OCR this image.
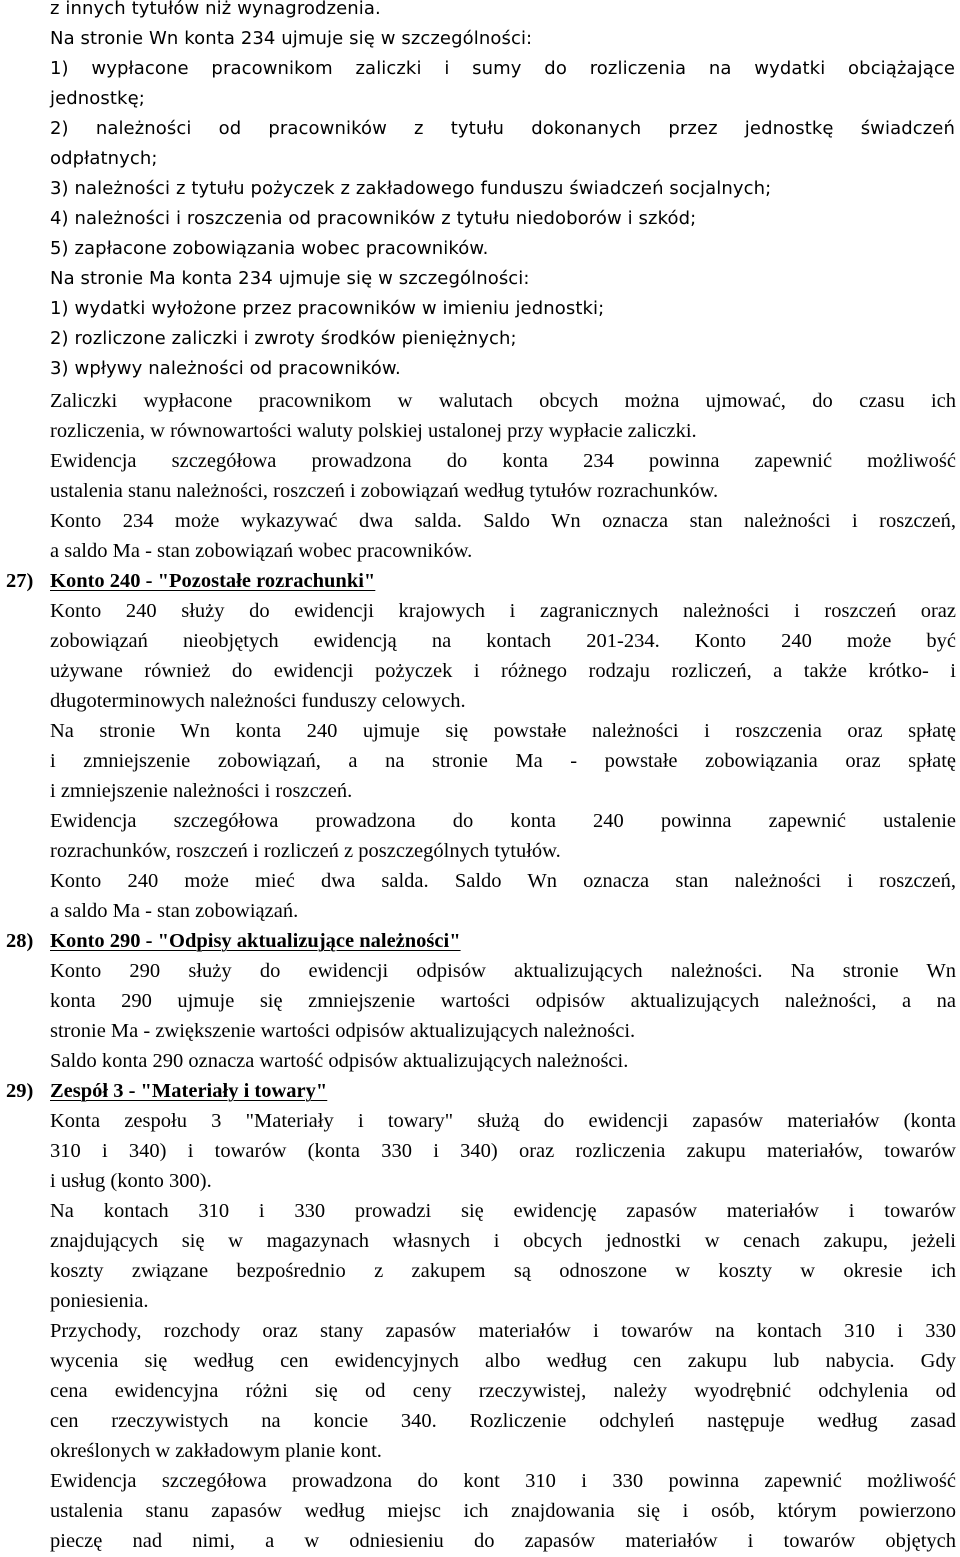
z innych tytułów niż wynagrodzenia.
Na stronie Wn konta 234 ujmuje się w szczególności:
1) wypłacone pracownikom zaliczki i sumy do rozliczenia na wydatki obciążające
jednostkę;
2) należności od pracowników z tytułu dokonanych przez jednostkę świadczeń
odpłatnych;
3) należności z tytułu pożyczek z zakładowego funduszu świadczeń socjalnych;
4) należności i roszczenia od pracowników z tytułu niedoborów i szkód;
5) zapłacone zobowiązania wobec pracowników.
Na stronie Ma konta 234 ujmuje się w szczególności:
1) wydatki wyłożone przez pracowników w imieniu jednostki;
2) rozliczone zaliczki i zwroty środków pieniężnych;
3) wpływy należności od pracowników.
Zaliczki wypłacone pracownikom w walutach obcych można ujmować, do czasu ich
rozliczenia, w równowartości waluty polskiej ustalonej przy wypłacie zaliczki.
Ewidencja szczegółowa prowadzona do konta 234 powinna zapewnić możliwość
ustalenia stanu należności, roszczeń i zobowiązań według tytułów rozrachunków.
Konto 234 może wykazywać dwa salda. Saldo Wn oznacza stan należności i roszczeń,
a saldo Ma - stan zobowiązań wobec pracowników.
27) Konto 240 - "Pozostałe rozrachunki"
Konto 240 służy do ewidencji krajowych i zagranicznych należności i roszczeń oraz
zobowiązań nieobjętych ewidencją na kontach 201-234. Konto 240 może być
używane również do ewidencji pożyczek i różnego rodzaju rozliczeń, a także krótko- i
długoterminowych należności funduszy celowych.
Na stronie Wn konta 240 ujmuje się powstałe należności i roszczenia oraz spłatę
i zmniejszenie zobowiązań, a na stronie Ma - powstałe zobowiązania oraz spłatę
i zmniejszenie należności i roszczeń.
Ewidencja szczegółowa prowadzona do konta 240 powinna zapewnić ustalenie
rozrachunków, roszczeń i rozliczeń z poszczególnych tytułów.
Konto 240 może mieć dwa salda. Saldo Wn oznacza stan należności i roszczeń,
a saldo Ma - stan zobowiązań.
28) Konto 290 - "Odpisy aktualizujące należności"
Konto 290 służy do ewidencji odpisów aktualizujących należności. Na stronie Wn
konta 290 ujmuje się zmniejszenie wartości odpisów aktualizujących należności, a na
stronie Ma - zwiększenie wartości odpisów aktualizujących należności.
Saldo konta 290 oznacza wartość odpisów aktualizujących należności.
29) Zespół 3 - "Materiały i towary"
Konta zespołu 3 "Materiały i towary" służą do ewidencji zapasów materiałów (konta
310 i 340) i towarów (konta 330 i 340) oraz rozliczenia zakupu materiałów, towarów
i usług (konto 300).
Na kontach 310 i 330 prowadzi się ewidencję zapasów materiałów i towarów
znajdujących się w magazynach własnych i obcych jednostki w cenach zakupu, jeżeli
koszty związane bezpośrednio z zakupem są odnoszone w koszty w okresie ich
poniesienia.
Przychody, rozchody oraz stany zapasów materiałów i towarów na kontach 310 i 330
wycenia się według cen ewidencyjnych albo według cen zakupu lub nabycia. Gdy
cena ewidencyjna różni się od ceny rzeczywistej, należy wyodrębnić odchylenia od
cen rzeczywistych na koncie 340. Rozliczenie odchyleń następuje według zasad
określonych w zakładowym planie kont.
Ewidencja szczegółowa prowadzona do kont 310 i 330 powinna zapewnić możliwość
ustalenia stanu zapasów według miejsc ich znajdowania się i osób, którym powierzono
pieczę nad nimi, a w odniesieniu do zapasów materiałów i towarów objętych
